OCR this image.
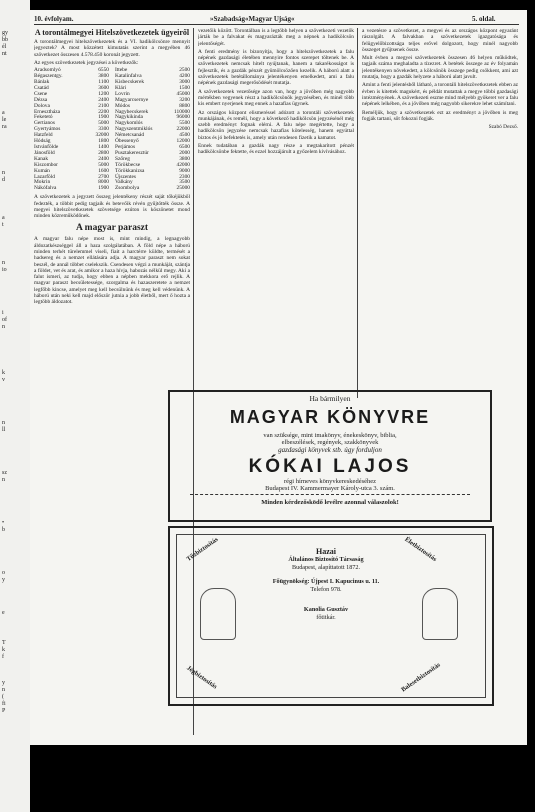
gy
bb
él
nt
a
le
ra
n
d
a
t
n
io
i
of
n
k
v
n
ll
sz
n
•
b
o
y
e
T
k
f
y
n
(
fi
P
10. évfolyam.	»Szabadság«Magyar Ujság«	5. oldal.
A torontálmegyei Hitelszövetkezetek ügyeiről

A torontálmegyei hitelszövetkezetek és a VI. hadikölcsönre mennyit jegyeztek? A most közzétett kimutatás szerint a megyében 46 szövetkezet összesen 4.578.450 koronát jegyzett.

Az egyes szövetkezetek jegyzései a következők:

Aradsomlyó	6550 Ittebe	2500
Bégaszentgy.	3800 Katalinfalva	4200
Bánlak	1100 Kisbecskerek	3000
Csatád	3600 Klári	1500
Csene	1200 Lovrin	45000
Dézsa	2400 Magyarcsernye	3200
Dolova	2100 Módos	8800
Ernesztháza	2200 Nagybecskerek	110000
Feketetó	1900 Nagykikinda	96000
Gertianos	5000 Nagykomlós	5500
Gyertyámos	3300 Nagyszentmiklós	22000
Hatzfeld	32000 Németcsanád	4500
Hódság	1800 Óbessenyő	12000
Istvánfölde	1400 Perjámos	6500
Jánosföld	2800 Pusztakeresztúr	2000
Kanak	2400 Szőreg	3800
Kiszombor	5000 Törökbecse	42000
Kumán	1600 Törökkanizsa	9000
Lazarföld	2700 Újszentes	2300
Mokrin	8000 Valkány	3500
Nákófalva	1900 Zsombolya	25000

A szövetkezetek a jegyzett összeg jelentékeny részét saját tőkéjükből fedezték, a többit pedig tagjaik és betevőik révén gyűjtötték össze. A megyei hitelszövetkezetek szövetsége ezúton is köszönetet mond minden közreműködőnek.

A magyar paraszt

A magyar falu népe most is, mint mindig, a legnagyobb áldozatkészséggel áll a haza szolgálatában. A föld népe a háború minden terhét türelemmel viseli, fiait a harctérre küldte, termését a hadsereg és a nemzet ellátására adja. A magyar paraszt nem sokat beszél, de annál többet cselekszik. Csendesen végzi a munkáját, szántja a földet, vet és arat, és amikor a haza hívja, habozás nélkül megy. Aki a falut ismeri, az tudja, hogy ebben a népben mekkora erő rejlik. A magyar paraszt becsületessége, szorgalma és hazaszeretete a nemzet legfőbb kincse, amelyet meg kell becsülnünk és meg kell védenünk. A háború után neki kell majd először jutnia a jobb életből, mert ő hozta a legtöbb áldozatot.

vezetőik között. Torontálban is a legtöbb helyen a szövetkezeti vezetők járták be a falvakat és magyarázták meg a népnek a hadikölcsön jelentőségét.

A fenti eredmény is bizonyítja, hogy a hitelszövetkezetek a falu népének gazdasági életében mennyire fontos szerepet töltenek be. A szövetkezetek nemcsak hitelt nyújtanak, hanem a takarékosságot is fejlesztik, és a gazdák pénzét gyümölcsözően kezelik. A háború alatt a szövetkezetek betétállománya jelentékenyen emelkedett, ami a falu népének gazdasági megerősödését mutatja.

A szövetkezetek vezetősége azon van, hogy a jövőben még nagyobb mértékben vegyenek részt a hadikölcsönök jegyzésében, és minél több kis embert nyerjenek meg ennek a hazafias ügynek.

Az országos központ elismeréssel adózott a torontáli szövetkezetek munkájának, és reméli, hogy a következő hadikölcsön jegyzésénél még szebb eredményt fognak elérni. A falu népe megértette, hogy a hadikölcsön jegyzése nemcsak hazafias kötelesség, hanem egyúttal biztos és jó befektetés is, amely után rendesen fizetik a kamatot.

Ennek tudatában a gazdák nagy része a megtakarított pénzét hadikölcsönbe fektette, és ezzel hozzájárult a győzelem kivívásához.

a vezetésre a szövetkezet, a megyei és az országos központ egyaránt rászolgált. A falvakban a szövetkezetek igazgatósága és felügyelőbizottsága teljes erővel dolgozott, hogy minél nagyobb összeget gyűjtsenek össze.

Mult évben a megyei szövetkezetek összesen 46 helyen működtek, tagjaik száma meghaladta a tízezret. A betétek összege az év folyamán jelentékenyen növekedett, a kölcsönök összege pedig csökkent, ami azt mutatja, hogy a gazdák helyzete a háború alatt javult.

Amint a fenti jelentésből látható, a torontáli hitelszövetkezetek ebben az évben is kitettek magukért, és példát mutattak a megye többi gazdasági intézményének. A szövetkezeti eszme mind mélyebb gyökeret ver a falu népének lelkében, és a jövőben még nagyobb sikerekre lehet számítani.

Reméljük, hogy a szövetkezetek ezt az eredményt a jövőben is meg fogják tartani, sőt fokozni fogják.

Szabó Dezső.

Ha bármilyen
MAGYAR KÖNYVRE
van szüksége, mint imakönyv, énekeskönyv, biblia,
elbeszélések, regények, szakkönyvek
gazdasági könyvek stb. úgy forduljon
KÓKAI LAJOS
régi hírneves könyvkereskedéséhez
Budapest IV. Kammermayer Károly-utca 3. szám.
Minden kérdezősködő levélre azonnal válaszolok!
Tűzbiztosítás	Életbiztosítás
Jégbiztosítás	Balesetbiztosítás
Hazai
Általános Biztosító Társaság
Budapest, alapíttatott 1872.
Főügynökség: Újpest I. Kapucinus u. 11.
Telefon 978.
Kanolia Gusztáv
főtitkár.
